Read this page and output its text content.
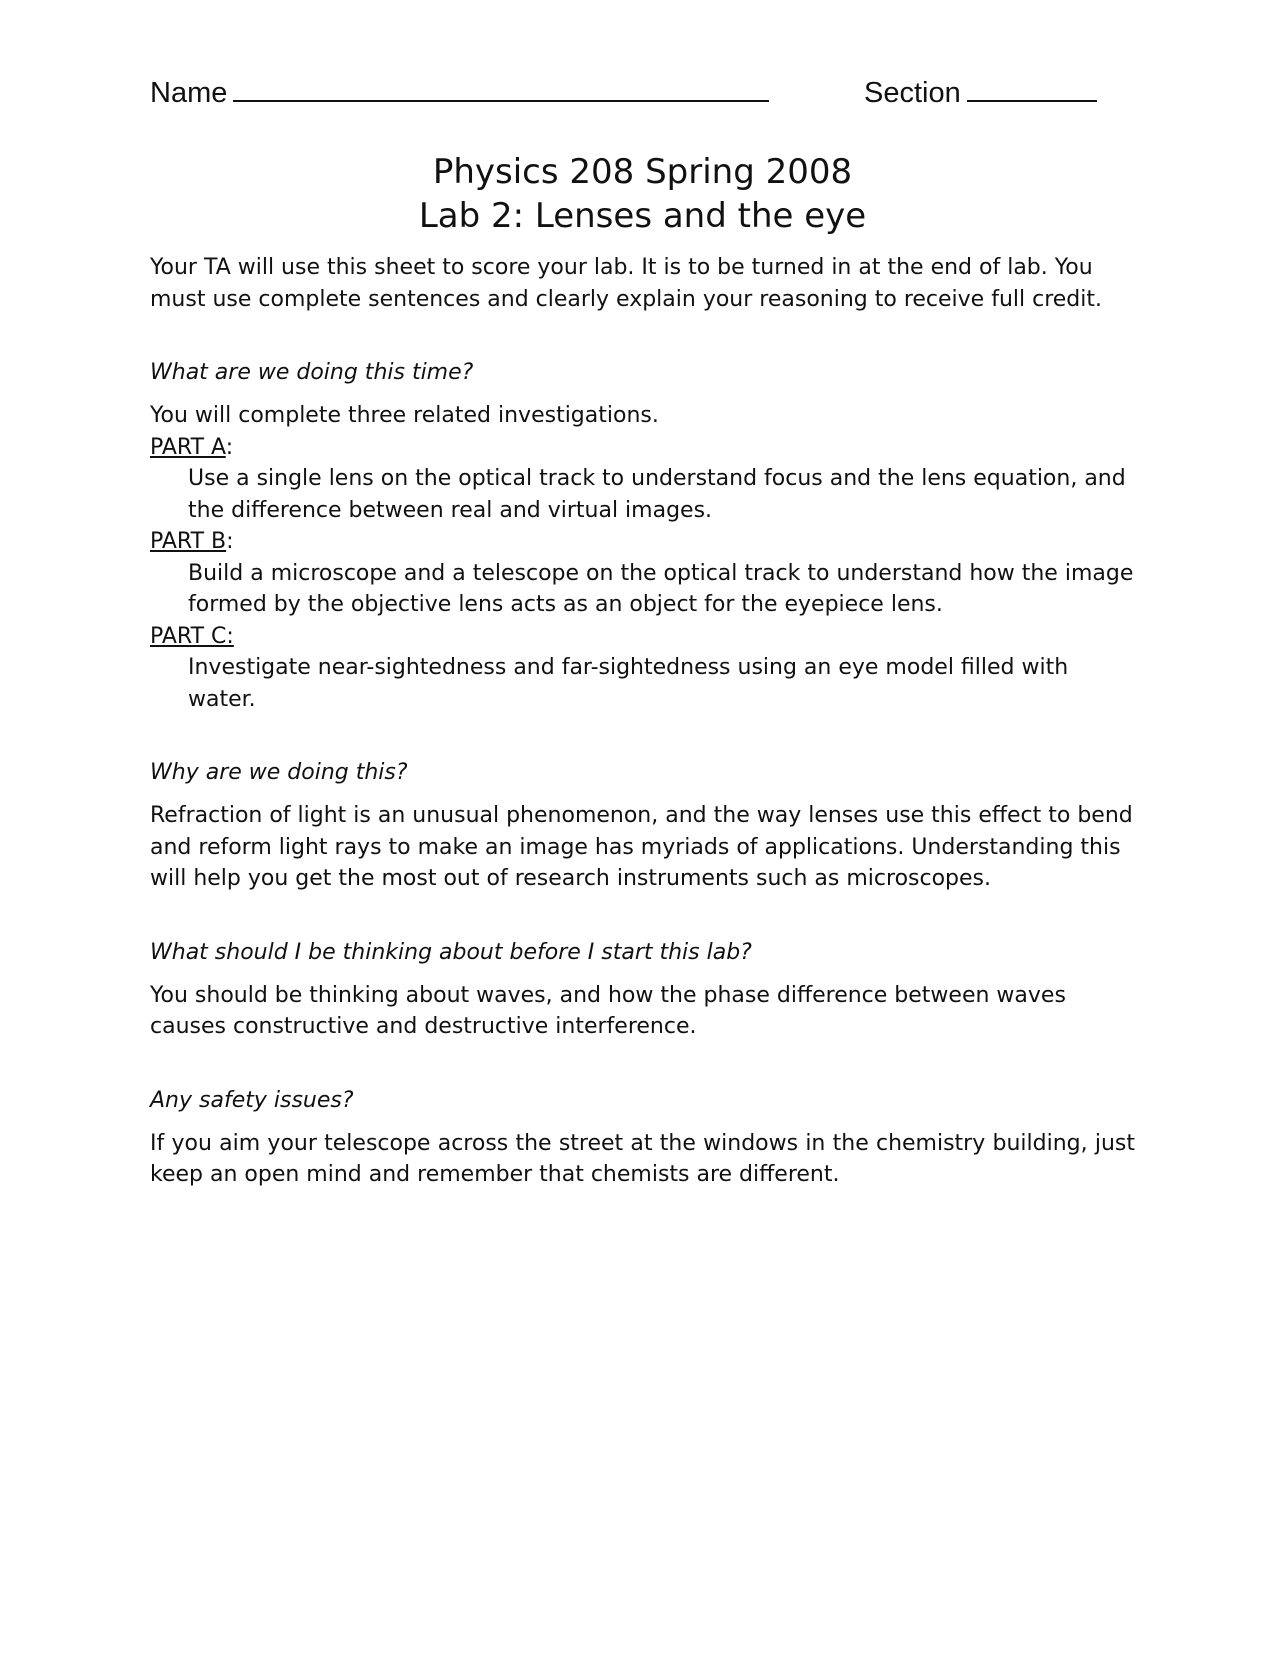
Name	Section
Physics 208 Spring 2008
Lab 2: Lenses and the eye

Your TA will use this sheet to score your lab. It is to be turned in at the end of lab. You must use complete sentences and clearly explain your reasoning to receive full credit.

What are we doing this time?

You will complete three related investigations.

PART A:

Use a single lens on the optical track to understand focus and the lens equation, and the difference between real and virtual images.

PART B:

Build a microscope and a telescope on the optical track to understand how the image formed by the objective lens acts as an object for the eyepiece lens.

PART C:

Investigate near-sightedness and far-sightedness using an eye model filled with water.

Why are we doing this?

Refraction of light is an unusual phenomenon, and the way lenses use this effect to bend and reform light rays to make an image has myriads of applications. Understanding this will help you get the most out of research instruments such as microscopes.

What should I be thinking about before I start this lab?

You should be thinking about waves, and how the phase difference between waves causes constructive and destructive interference.

Any safety issues?

If you aim your telescope across the street at the windows in the chemistry building, just keep an open mind and remember that chemists are different.
